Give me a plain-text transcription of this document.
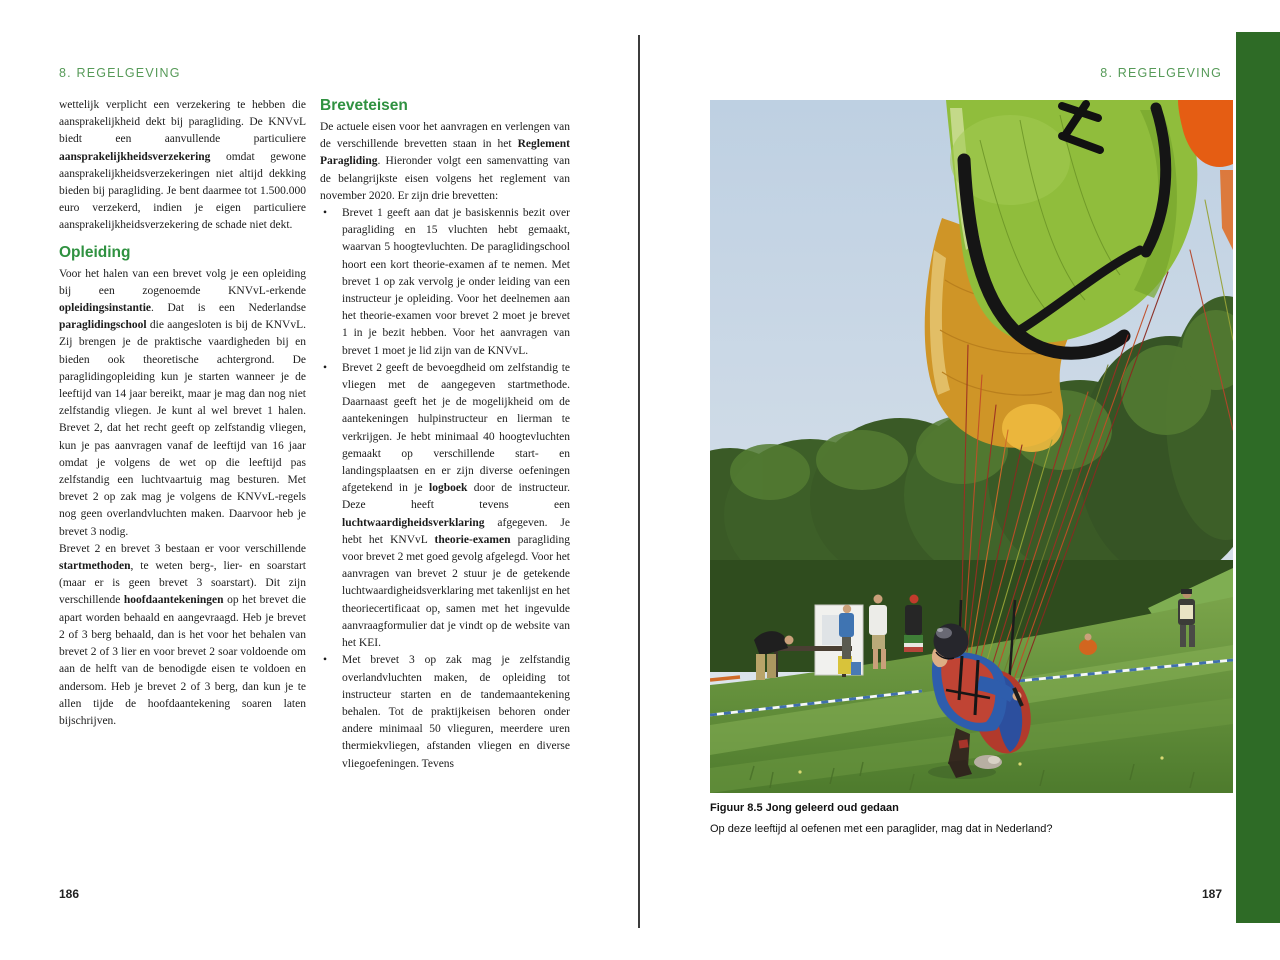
8. REGELGEVING	8. REGELGEVING

wettelijk verplicht een verzekering te hebben die aansprakelijkheid dekt bij paragliding. De KNVvL biedt een aanvullende particuliere aansprakelijkheidsverzekering omdat gewone aansprakelijkheidsverzekeringen niet altijd dekking bieden bij paragliding. Je bent daarmee tot 1.500.000 euro verzekerd, indien je eigen particuliere aansprakelijkheidsverzekering de schade niet dekt.

Opleiding

Voor het halen van een brevet volg je een opleiding bij een zogenoemde KNVvL-erkende opleidingsinstantie. Dat is een Nederlandse paraglidingschool die aangesloten is bij de KNVvL. Zij brengen je de praktische vaardigheden bij en bieden ook theoretische achtergrond. De paraglidingopleiding kun je starten wanneer je de leeftijd van 14 jaar bereikt, maar je mag dan nog niet zelfstandig vliegen. Je kunt al wel brevet 1 halen. Brevet 2, dat het recht geeft op zelfstandig vliegen, kun je pas aanvragen vanaf de leeftijd van 16 jaar omdat je volgens de wet op die leeftijd pas zelfstandig een luchtvaartuig mag besturen. Met brevet 2 op zak mag je volgens de KNVvL-regels nog geen overlandvluchten maken. Daarvoor heb je brevet 3 nodig.

Brevet 2 en brevet 3 bestaan er voor verschillende startmethoden, te weten berg-, lier- en soarstart (maar er is geen brevet 3 soarstart). Dit zijn verschillende hoofdaantekeningen op het brevet die apart worden behaald en aangevraagd. Heb je brevet 2 of 3 berg behaald, dan is het voor het behalen van brevet 2 of 3 lier en voor brevet 2 soar voldoende om aan de helft van de benodigde eisen te voldoen en andersom. Heb je brevet 2 of 3 berg, dan kun je te allen tijde de hoofdaantekening soaren laten bijschrijven.

Breveteisen

De actuele eisen voor het aanvragen en verlengen van de verschillende brevetten staan in het Reglement Paragliding. Hieronder volgt een samenvatting van de belangrijkste eisen volgens het reglement van november 2020. Er zijn drie brevetten:

• Brevet 1 geeft aan dat je basiskennis bezit over paragliding en 15 vluchten hebt gemaakt, waarvan 5 hoogtevluchten. De paraglidingschool hoort een kort theorie-examen af te nemen. Met brevet 1 op zak vervolg je onder leiding van een instructeur je opleiding. Voor het deelnemen aan het theorie-examen voor brevet 2 moet je brevet 1 in je bezit hebben. Voor het aanvragen van brevet 1 moet je lid zijn van de KNVvL.
• Brevet 2 geeft de bevoegdheid om zelfstandig te vliegen met de aangegeven startmethode. Daarnaast geeft het je de mogelijkheid om de aantekeningen hulpinstructeur en lierman te verkrijgen. Je hebt minimaal 40 hoogtevluchten gemaakt op verschillende start- en landingsplaatsen en er zijn diverse oefeningen afgetekend in je logboek door de instructeur. Deze heeft tevens een luchtwaardigheidsverklaring afgegeven. Je hebt het KNVvL theorie-examen paragliding voor brevet 2 met goed gevolg afgelegd. Voor het aanvragen van brevet 2 stuur je de getekende luchtwaardigheidsverklaring met takenlijst en het theoriecertificaat op, samen met het ingevulde aanvraagformulier dat je vindt op de website van het KEI.
• Met brevet 3 op zak mag je zelfstandig overlandvluchten maken, de opleiding tot instructeur starten en de tandemaantekening behalen. Tot de praktijkeisen behoren onder andere minimaal 50 vlieguren, meerdere uren thermiekvliegen, afstanden vliegen en diverse vliegoefeningen. Tevens

Figuur 8.5 Jong geleerd oud gedaan

Op deze leeftijd al oefenen met een paraglider, mag dat in Nederland?

186	187
